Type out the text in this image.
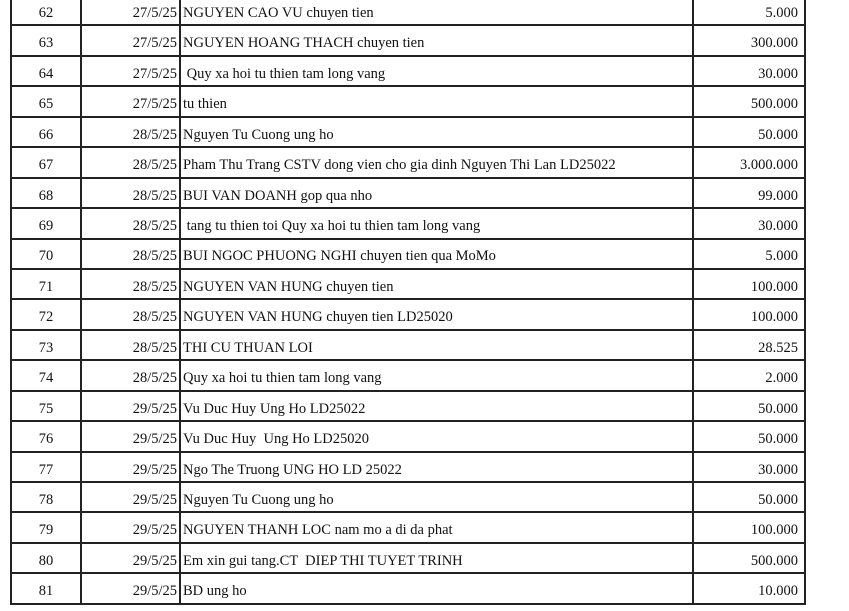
62	27/5/25 NGUYEN CAO VU chuyen tien	5.000
63	27/5/25 NGUYEN HOANG THACH chuyen tien	300.000
64	27/5/25 Quy xa hoi tu thien tam long vang	30.000
65	27/5/25 tu thien	500.000
66	28/5/25 Nguyen Tu Cuong ung ho	50.000
67	28/5/25 Pham Thu Trang CSTV dong vien cho gia dinh Nguyen Thi Lan LD25022	3.000.000
68	28/5/25 BUI VAN DOANH gop qua nho	99.000
69	28/5/25 tang tu thien toi Quy xa hoi tu thien tam long vang	30.000
70	28/5/25 BUI NGOC PHUONG NGHI chuyen tien qua MoMo	5.000
71	28/5/25 NGUYEN VAN HUNG chuyen tien	100.000
72	28/5/25 NGUYEN VAN HUNG chuyen tien LD25020	100.000
73	28/5/25 THI CU THUAN LOI	28.525
74	28/5/25 Quy xa hoi tu thien tam long vang	2.000
75	29/5/25 Vu Duc Huy Ung Ho LD25022	50.000
76	29/5/25 Vu Duc Huy  Ung Ho LD25020	50.000
77	29/5/25 Ngo The Truong UNG HO LD 25022	30.000
78	29/5/25 Nguyen Tu Cuong ung ho	50.000
79	29/5/25 NGUYEN THANH LOC nam mo a di da phat	100.000
80	29/5/25 Em xin gui tang.CT  DIEP THI TUYET TRINH	500.000
81	29/5/25 BD ung ho	10.000
